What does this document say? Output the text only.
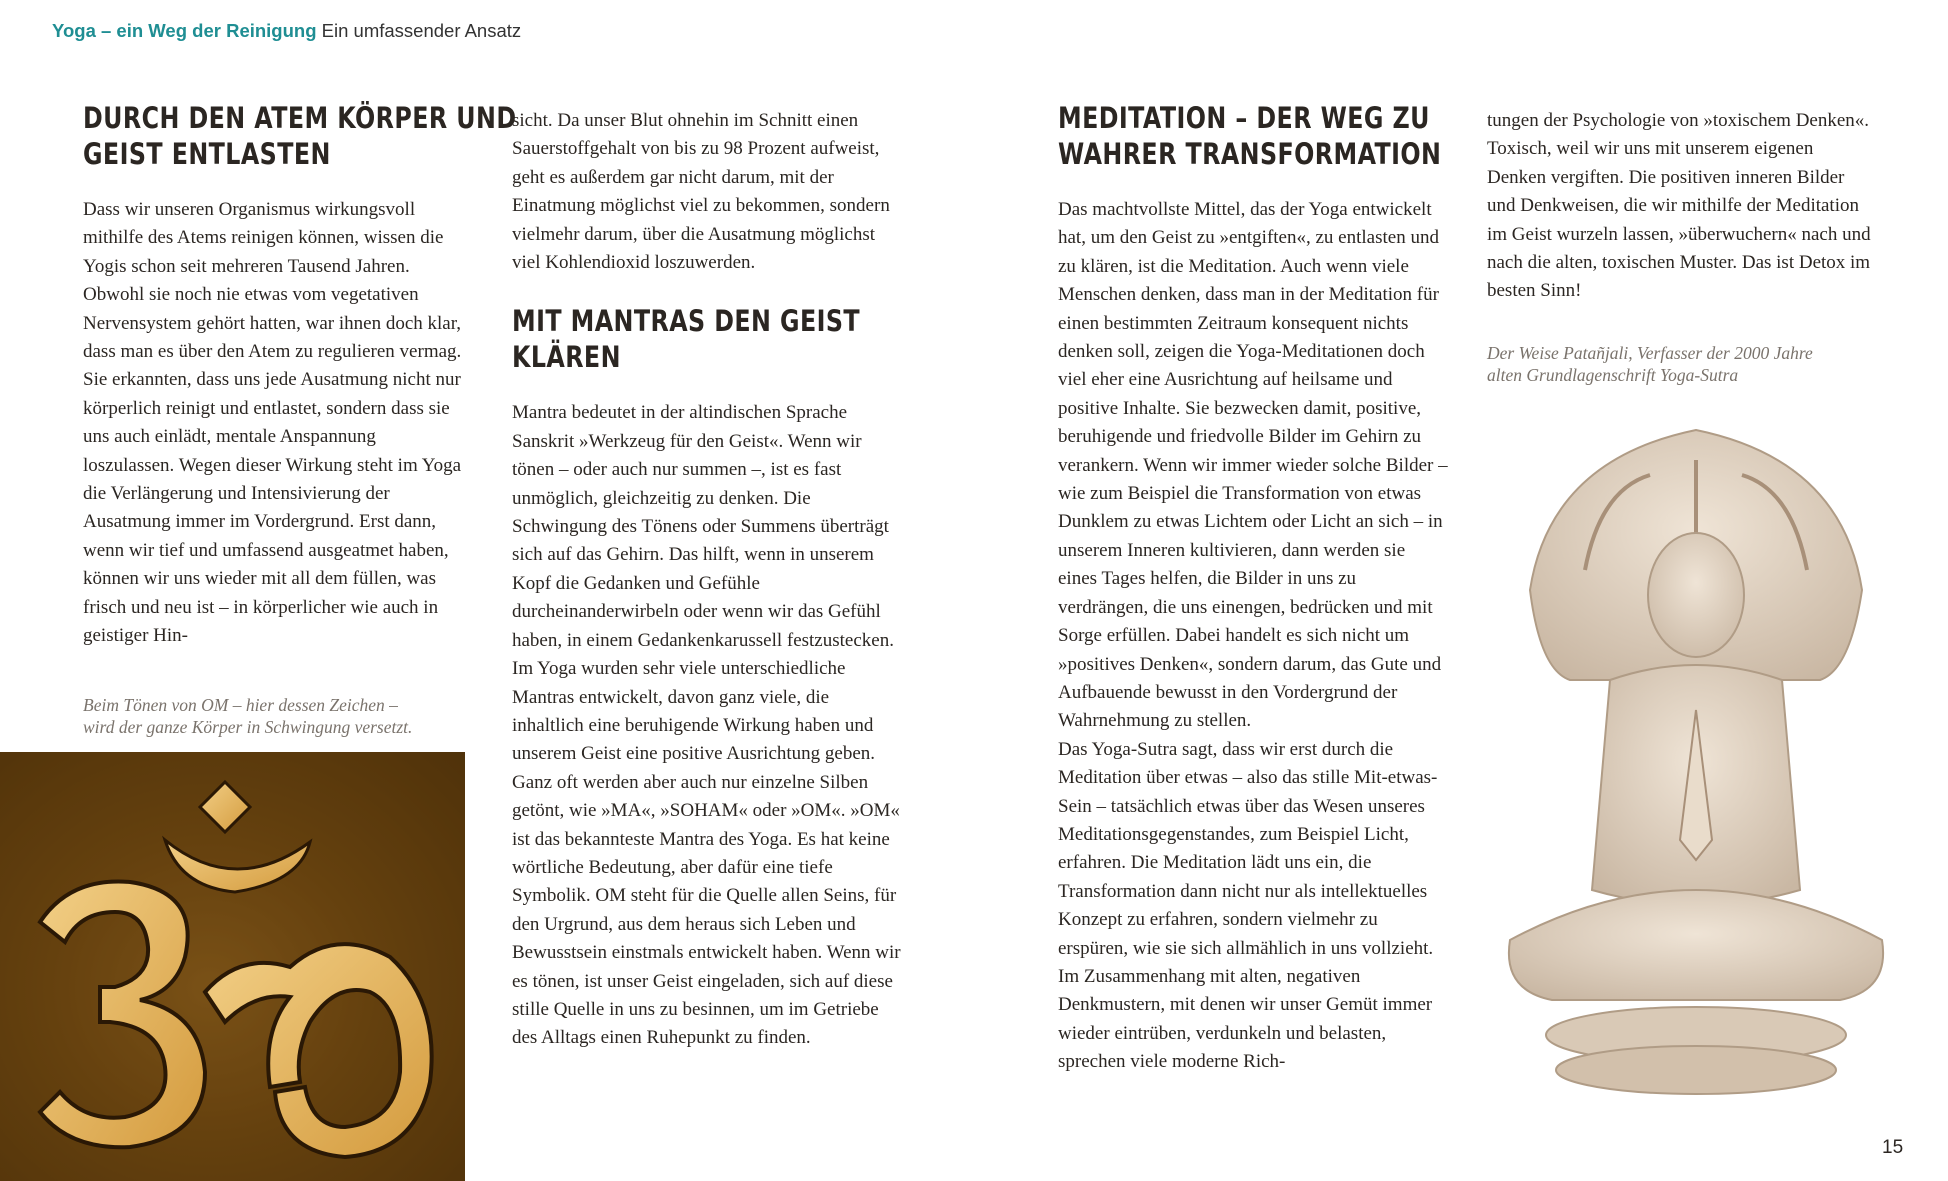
Yoga – ein Weg der Reinigung Ein umfassender Ansatz
DURCH DEN ATEM KÖRPER UND
GEIST ENTLASTEN

Dass wir unseren Organismus wirkungsvoll mithilfe des Atems reinigen können, wissen die Yogis schon seit mehreren Tausend Jahren. Obwohl sie noch nie etwas vom vegetativen Nervensystem gehört hatten, war ihnen doch klar, dass man es über den Atem zu regulieren vermag. Sie erkannten, dass uns jede Ausatmung nicht nur körperlich reinigt und entlastet, sondern dass sie uns auch einlädt, mentale Anspannung loszulassen. Wegen dieser Wirkung steht im Yoga die Verlängerung und Intensivierung der Ausatmung immer im Vordergrund. Erst dann, wenn wir tief und umfassend ausgeatmet haben, können wir uns wieder mit all dem füllen, was frisch und neu ist – in körperlicher wie auch in geistiger Hin-

Beim Tönen von OM – hier dessen Zeichen –
wird der ganze Körper in Schwingung versetzt.

sicht. Da unser Blut ohnehin im Schnitt einen Sauerstoffgehalt von bis zu 98 Prozent aufweist, geht es außerdem gar nicht darum, mit der Einatmung möglichst viel zu bekommen, sondern vielmehr darum, über die Ausatmung möglichst viel Kohlendioxid loszuwerden.

MIT MANTRAS DEN GEIST
KLÄREN

Mantra bedeutet in der altindischen Sprache Sanskrit »Werkzeug für den Geist«. Wenn wir tönen – oder auch nur summen –, ist es fast unmöglich, gleichzeitig zu denken. Die Schwingung des Tönens oder Summens überträgt sich auf das Gehirn. Das hilft, wenn in unserem Kopf die Gedanken und Gefühle durcheinanderwirbeln oder wenn wir das Gefühl haben, in einem Gedankenkarussell festzustecken.

Im Yoga wurden sehr viele unterschiedliche Mantras entwickelt, davon ganz viele, die inhaltlich eine beruhigende Wirkung haben und unserem Geist eine positive Ausrichtung geben. Ganz oft werden aber auch nur einzelne Silben getönt, wie »MA«, »SOHAM« oder »OM«. »OM« ist das bekannteste Mantra des Yoga. Es hat keine wörtliche Bedeutung, aber dafür eine tiefe Symbolik. OM steht für die Quelle allen Seins, für den Urgrund, aus dem heraus sich Leben und Bewusstsein einstmals entwickelt haben. Wenn wir es tönen, ist unser Geist eingeladen, sich auf diese stille Quelle in uns zu besinnen, um im Getriebe des Alltags einen Ruhepunkt zu finden.

MEDITATION – DER WEG ZU
WAHRER TRANSFORMATION

Das machtvollste Mittel, das der Yoga entwickelt hat, um den Geist zu »entgiften«, zu entlasten und zu klären, ist die Meditation. Auch wenn viele Menschen denken, dass man in der Meditation für einen bestimmten Zeitraum konsequent nichts denken soll, zeigen die Yoga-Meditationen doch viel eher eine Ausrichtung auf heilsame und positive Inhalte. Sie bezwecken damit, positive, beruhigende und friedvolle Bilder im Gehirn zu verankern. Wenn wir immer wieder solche Bilder – wie zum Beispiel die Transformation von etwas Dunklem zu etwas Lichtem oder Licht an sich – in unserem Inneren kultivieren, dann werden sie eines Tages helfen, die Bilder in uns zu verdrängen, die uns einengen, bedrücken und mit Sorge erfüllen. Dabei handelt es sich nicht um »positives Denken«, sondern darum, das Gute und Aufbauende bewusst in den Vordergrund der Wahrnehmung zu stellen.

Das Yoga-Sutra sagt, dass wir erst durch die Meditation über etwas – also das stille Mit-etwas-Sein – tatsächlich etwas über das Wesen unseres Meditationsgegenstandes, zum Beispiel Licht, erfahren. Die Meditation lädt uns ein, die Transformation dann nicht nur als intellektuelles Konzept zu erfahren, sondern vielmehr zu erspüren, wie sie sich allmählich in uns vollzieht. Im Zusammenhang mit alten, negativen Denkmustern, mit denen wir unser Gemüt immer wieder eintrüben, verdunkeln und belasten, sprechen viele moderne Rich-

tungen der Psychologie von »toxischem Denken«. Toxisch, weil wir uns mit unserem eigenen Denken vergiften. Die positiven inneren Bilder und Denkweisen, die wir mithilfe der Meditation im Geist wurzeln lassen, »überwuchern« nach und nach die alten, toxischen Muster. Das ist Detox im besten Sinn!

Der Weise Patañjali, Verfasser der 2000 Jahre
alten Grundlagenschrift Yoga-Sutra

15
